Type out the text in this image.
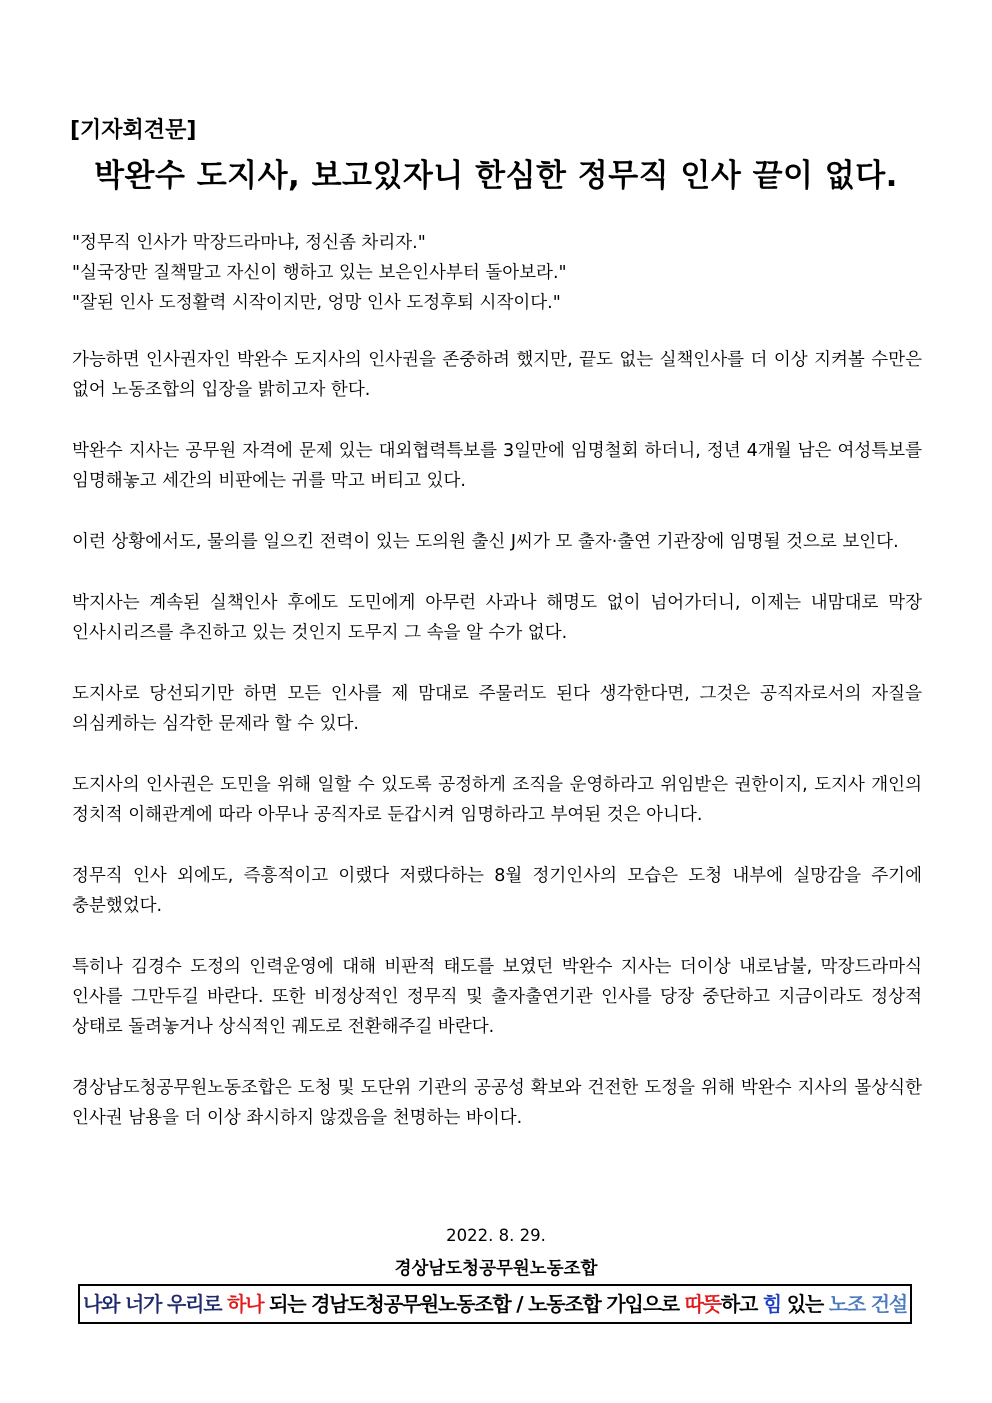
[기자회견문]
박완수 도지사, 보고있자니 한심한 정무직 인사 끝이 없다.
"정무직 인사가 막장드라마냐, 정신좀 차리자."
"실국장만 질책말고 자신이 행하고 있는 보은인사부터 돌아보라."
"잘된 인사 도정활력 시작이지만, 엉망 인사 도정후퇴 시작이다."

가능하면 인사권자인 박완수 도지사의 인사권을 존중하려 했지만, 끝도 없는 실책인사를 더 이상 지켜볼 수만은 없어 노동조합의 입장을 밝히고자 한다.

박완수 지사는 공무원 자격에 문제 있는 대외협력특보를 3일만에 임명철회 하더니, 정년 4개월 남은 여성특보를 임명해놓고 세간의 비판에는 귀를 막고 버티고 있다.

이런 상황에서도, 물의를 일으킨 전력이 있는 도의원 출신 J씨가 모 출자·출연 기관장에 임명될 것으로 보인다.

박지사는 계속된 실책인사 후에도 도민에게 아무런 사과나 해명도 없이 넘어가더니, 이제는 내맘대로 막장 인사시리즈를 추진하고 있는 것인지 도무지 그 속을 알 수가 없다.

도지사로 당선되기만 하면 모든 인사를 제 맘대로 주물러도 된다 생각한다면, 그것은 공직자로서의 자질을 의심케하는 심각한 문제라 할 수 있다.

도지사의 인사권은 도민을 위해 일할 수 있도록 공정하게 조직을 운영하라고 위임받은 권한이지, 도지사 개인의 정치적 이해관계에 따라 아무나 공직자로 둔갑시켜 임명하라고 부여된 것은 아니다.

정무직 인사 외에도, 즉흥적이고 이랬다 저랬다하는 8월 정기인사의 모습은 도청 내부에 실망감을 주기에 충분했었다.

특히나 김경수 도정의 인력운영에 대해 비판적 태도를 보였던 박완수 지사는 더이상 내로남불, 막장드라마식 인사를 그만두길 바란다. 또한 비정상적인 정무직 및 출자출연기관 인사를 당장 중단하고 지금이라도 정상적 상태로 돌려놓거나 상식적인 궤도로 전환해주길 바란다.

경상남도청공무원노동조합은 도청 및 도단위 기관의 공공성 확보와 건전한 도정을 위해 박완수 지사의 몰상식한 인사권 남용을 더 이상 좌시하지 않겠음을 천명하는 바이다.

2022. 8. 29.
경상남도청공무원노동조합
나와 너가 우리로 하나 되는 경남도청공무원노동조합 / 노동조합 가입으로 따뜻하고 힘 있는 노조 건설
